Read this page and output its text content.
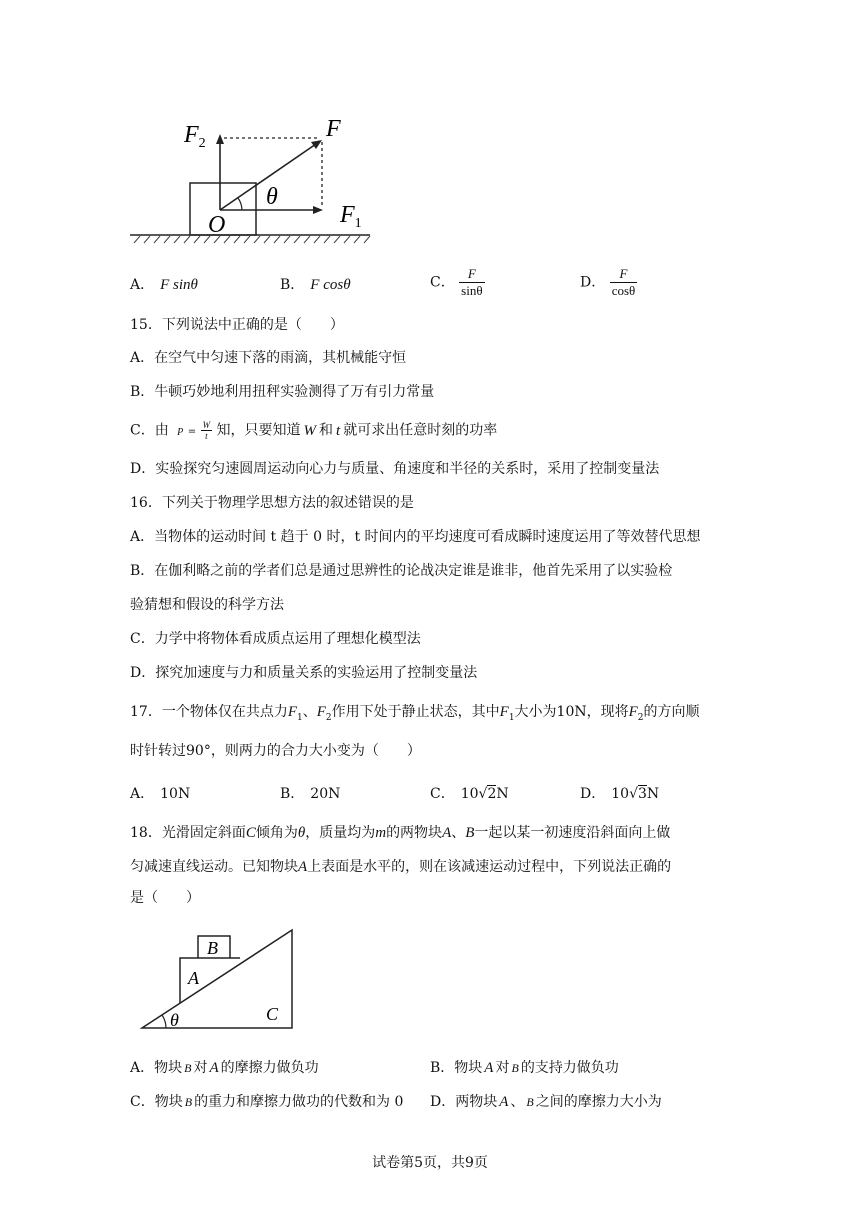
$F_2$
F
θ
O	$F_1$
A． F sinθ	B． F cosθ	C． $\frac{F}{\sin\theta}$	D． $\frac{F}{\cos\theta}$
15．下列说法中正确的是（　　）
A．在空气中匀速下落的雨滴，其机械能守恒
B．牛顿巧妙地利用扭秤实验测得了万有引力常量
C．由 $P = \frac{W}{t}$ 知，只要知道 W 和 t 就可求出任意时刻的功率
D．实验探究匀速圆周运动向心力与质量、角速度和半径的关系时，采用了控制变量法
16．下列关于物理学思想方法的叙述错误的是
A．当物体的运动时间 t 趋于 0 时，t 时间内的平均速度可看成瞬时速度运用了等效替代思想
B．在伽利略之前的学者们总是通过思辨性的论战决定谁是谁非，他首先采用了以实验检
验猜想和假设的科学方法
C．力学中将物体看成质点运用了理想化模型法
D．探究加速度与力和质量关系的实验运用了控制变量法
17．一个物体仅在共点力$F_1$、$F_2$作用下处于静止状态，其中$F_1$大小为10N，现将$F_2$的方向顺
时针转过90°，则两力的合力大小变为（　　）
A． 10N	B． 20N	C． 10√2N	D． 10√3N
18．光滑固定斜面C倾角为θ，质量均为m的两物块A、B一起以某一初速度沿斜面向上做
匀减速直线运动。已知物块A上表面是水平的，则在该减速运动过程中，下列说法正确的
是（　　）
B
A
θ	C
A．物块 B 对 A 的摩擦力做负功	B．物块 A 对 B 的支持力做负功
C．物块 B 的重力和摩擦力做功的代数和为 0 D．两物块 A 、 B 之间的摩擦力大小为
试卷第5页，共9页
